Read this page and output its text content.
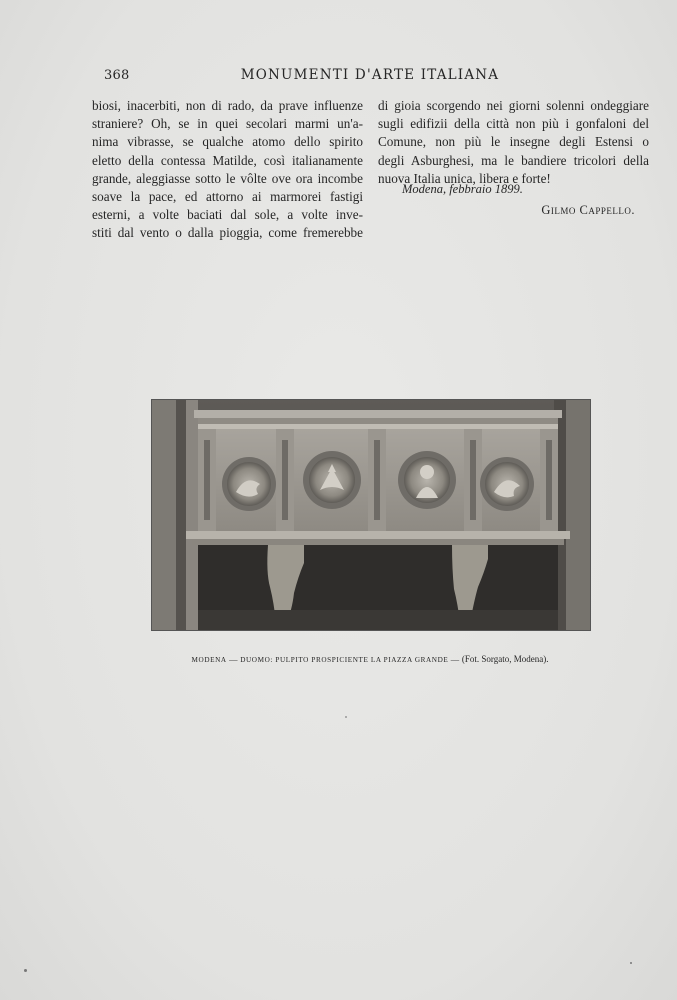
368	MONUMENTI D'ARTE ITALIANA
biosi, inacerbiti, non di rado, da prave influenze
straniere? Oh, se in quei secolari marmi un'a-
nima vibrasse, se qualche atomo dello spirito
eletto della contessa Matilde, così italianamente
grande, aleggiasse sotto le vôlte ove ora incombe
soave la pace, ed attorno ai marmorei fastigi
esterni, a volte baciati dal sole, a volte inve-
stiti dal vento o dalla pioggia, come fremerebbe
di gioia scorgendo nei giorni solenni ondeggiare
sugli edifizii della città non più i gonfaloni del
Comune, non più le insegne degli Estensi o
degli Asburghesi, ma le bandiere tricolori della
nuova Italia unica, libera e forte!
Modena, febbraio 1899.
Gilmo Cappello.
MODENA — DUOMO: PULPITO PROSPICIENTE LA PIAZZA GRANDE — (Fot. Sorgato, Modena).
